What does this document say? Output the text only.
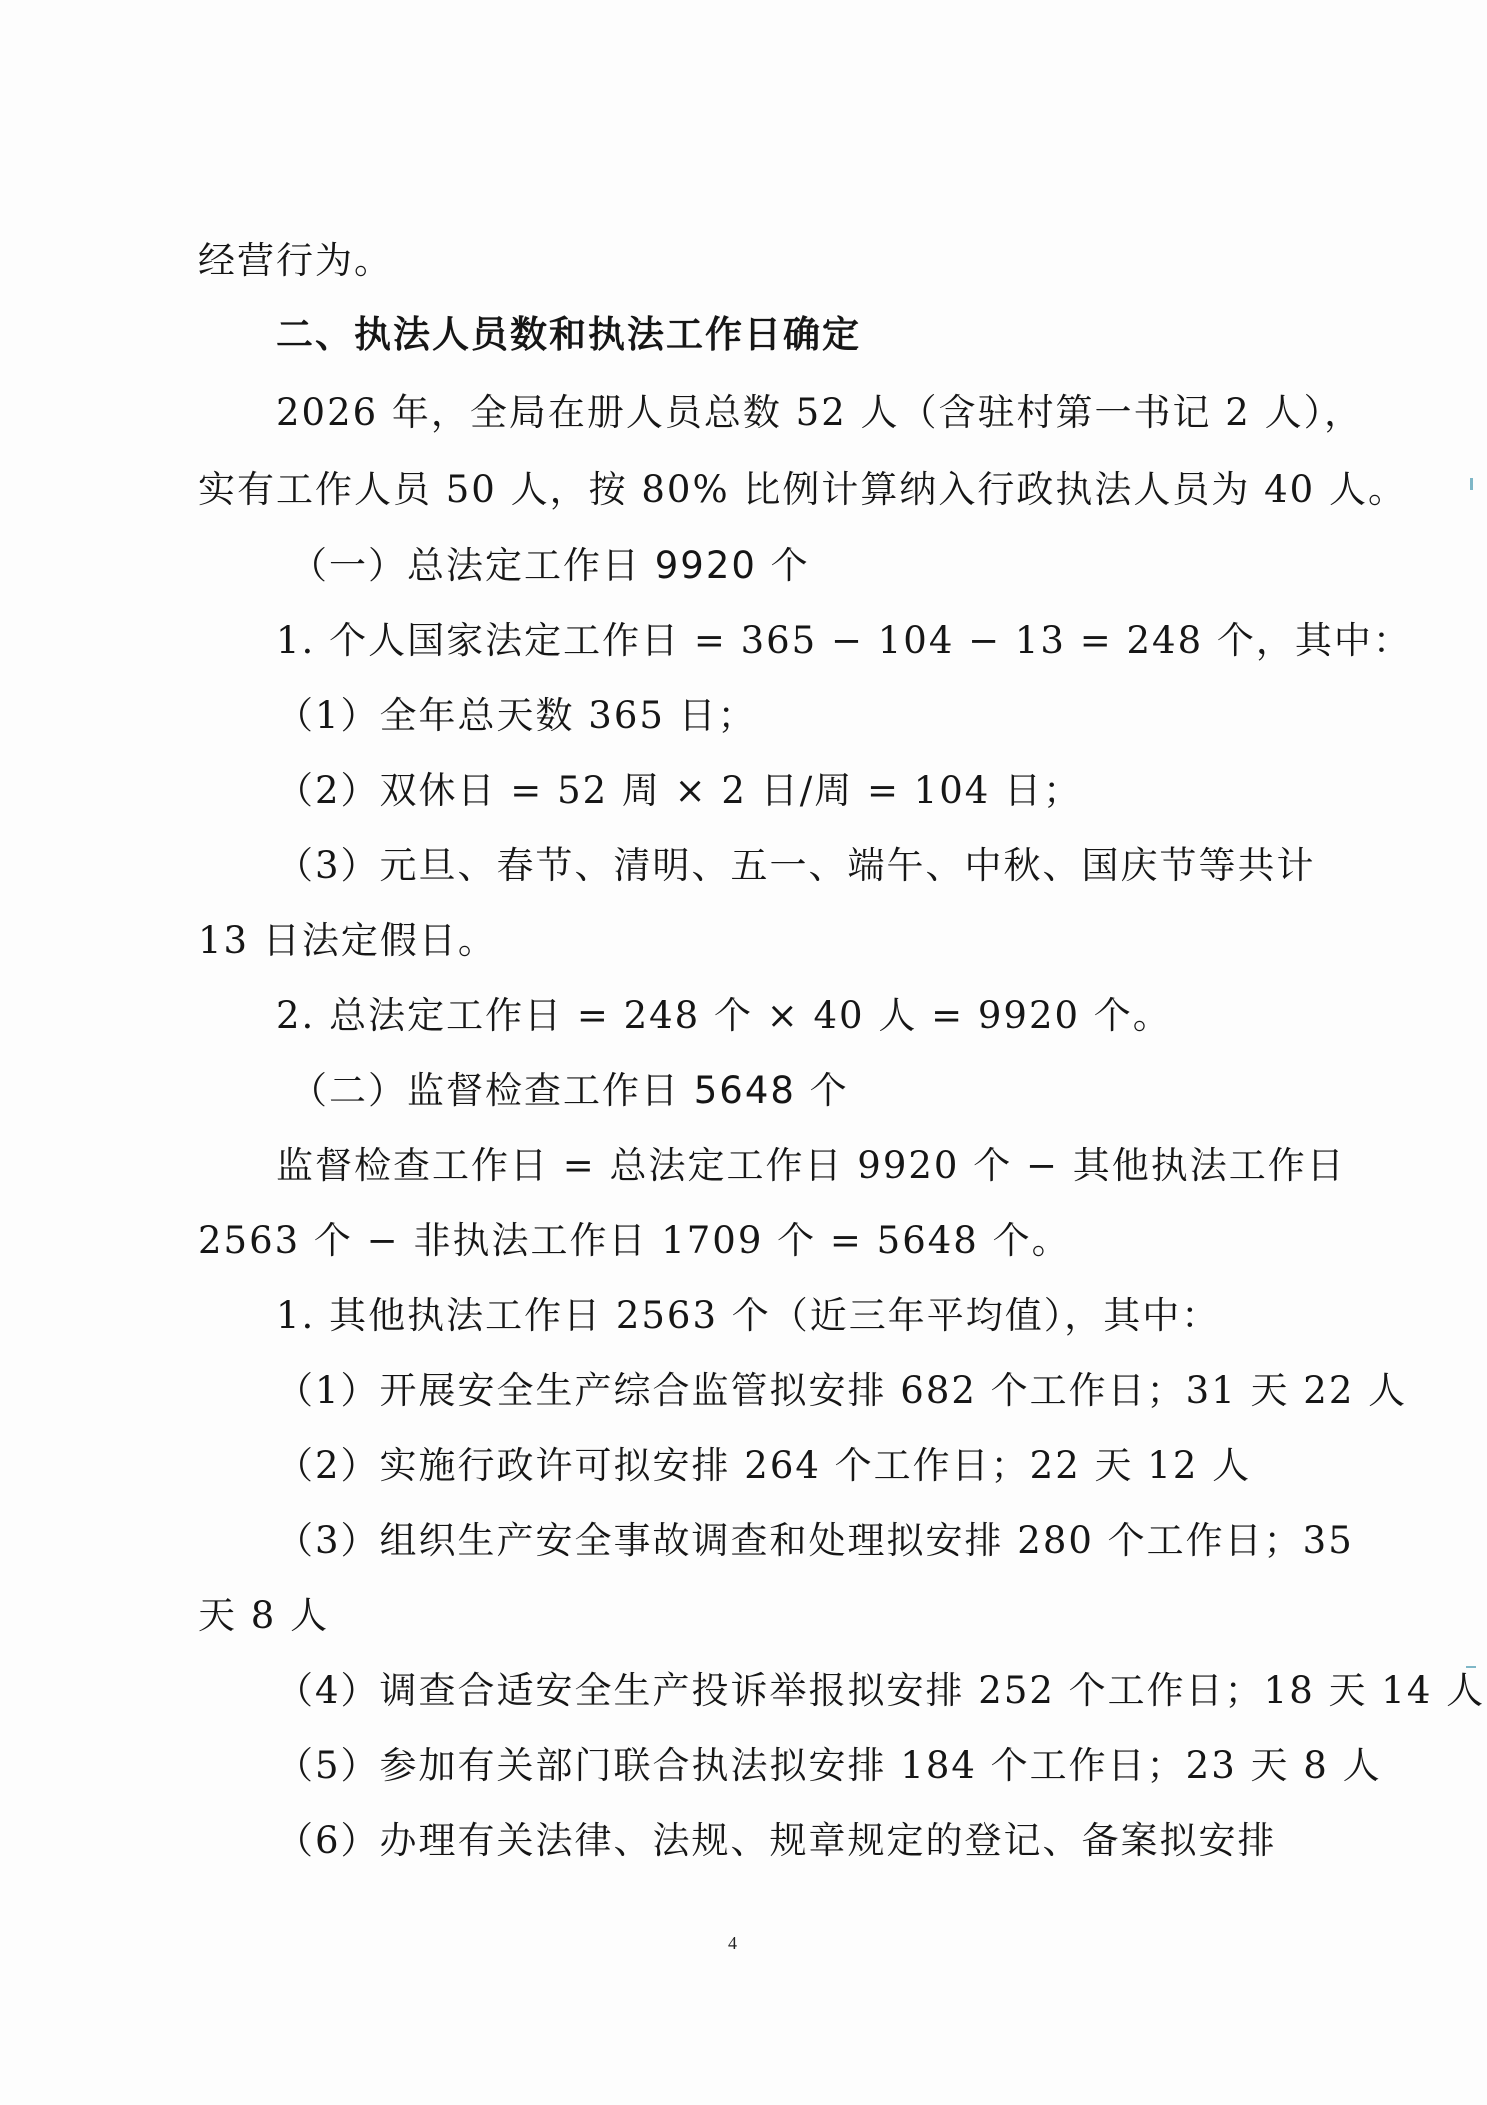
经营行为。
二、执法人员数和执法工作日确定
2026 年，全局在册人员总数 52 人（含驻村第一书记 2 人），
实有工作人员 50 人，按 80% 比例计算纳入行政执法人员为 40 人。
（一）总法定工作日 9920 个
1. 个人国家法定工作日 = 365 − 104 − 13 = 248 个，其中：
（1）全年总天数 365 日；
（2）双休日 = 52 周 × 2 日/周 = 104 日；
（3）元旦、春节、清明、五一、端午、中秋、国庆节等共计
13 日法定假日。
2. 总法定工作日 = 248 个 × 40 人 = 9920 个。
（二）监督检查工作日 5648 个
监督检查工作日 = 总法定工作日 9920 个 − 其他执法工作日
2563 个 − 非执法工作日 1709 个 = 5648 个。
1. 其他执法工作日 2563 个（近三年平均值），其中：
（1）开展安全生产综合监管拟安排 682 个工作日；31 天 22 人
（2）实施行政许可拟安排 264 个工作日；22 天 12 人
（3）组织生产安全事故调查和处理拟安排 280 个工作日；35
天 8 人
（4）调查合适安全生产投诉举报拟安排 252 个工作日；18 天 14 人
（5）参加有关部门联合执法拟安排 184 个工作日；23 天 8 人
（6）办理有关法律、法规、规章规定的登记、备案拟安排
4
